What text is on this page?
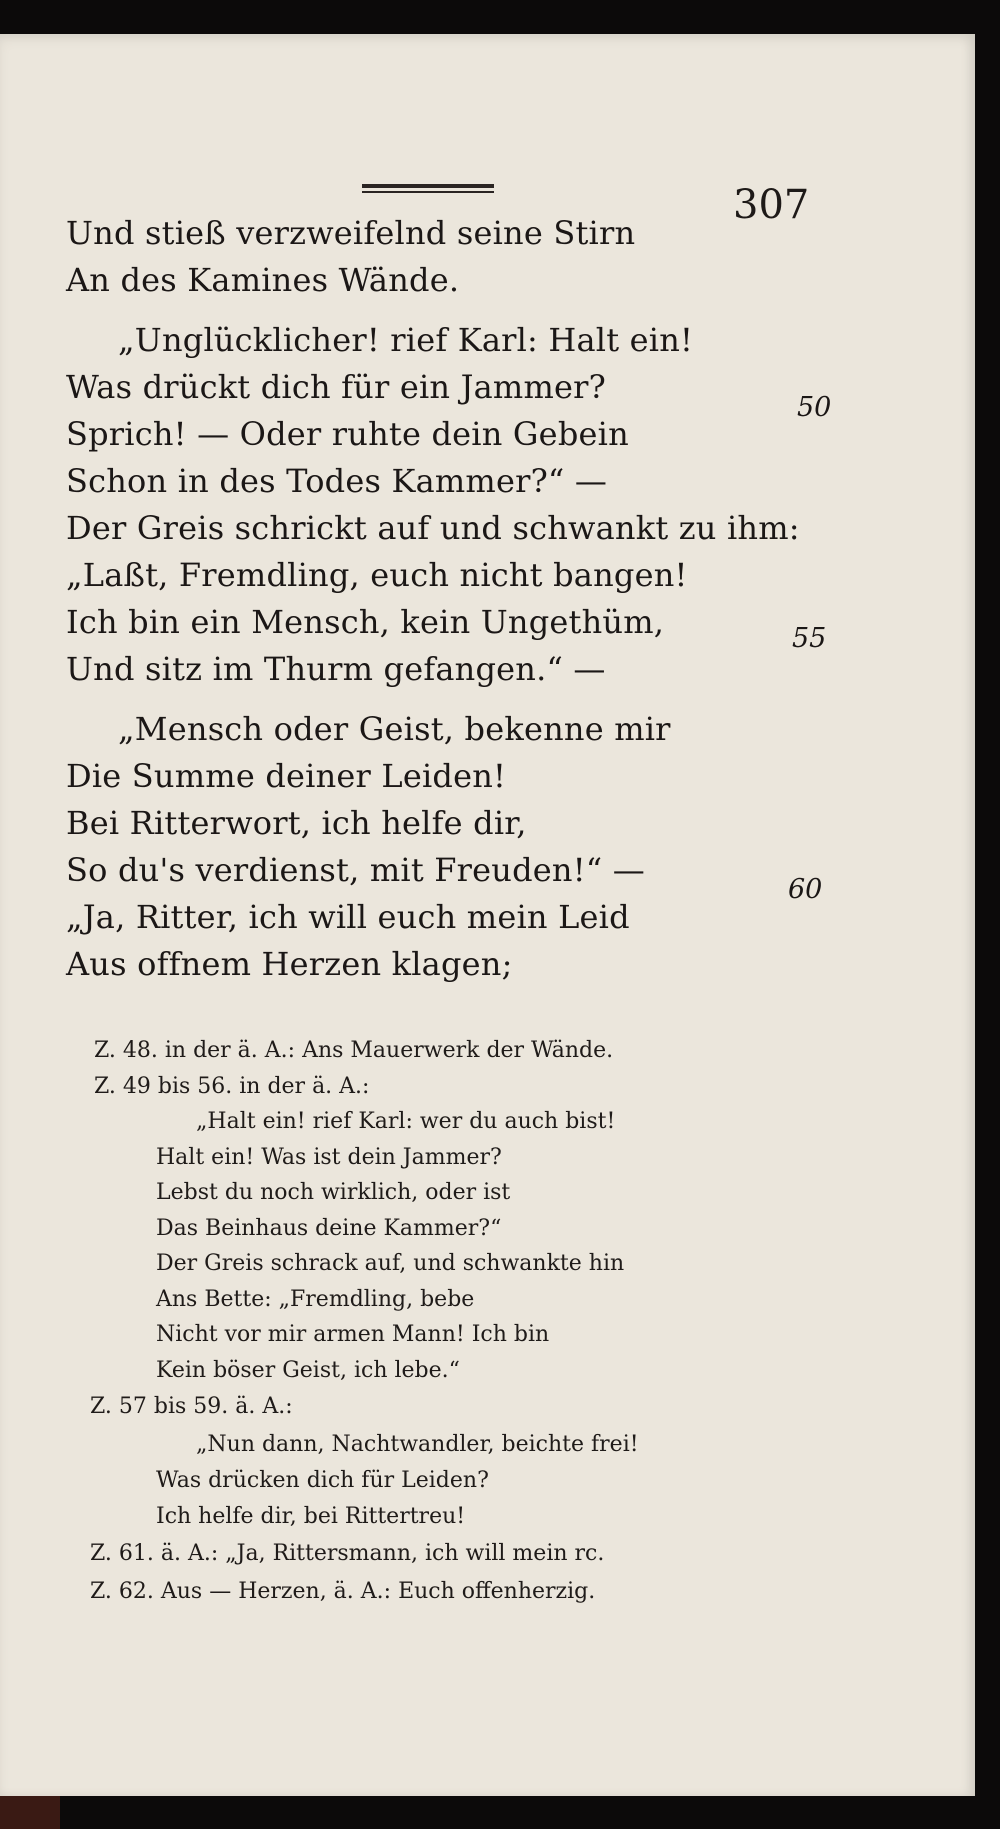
307
Und stieß verzweifelnd seine Stirn
An des Kamines Wände.
„Unglücklicher! rief Karl: Halt ein!
Was drückt dich für ein Jammer?
Sprich! — Oder ruhte dein Gebein
Schon in des Todes Kammer?“ —
Der Greis schrickt auf und schwankt zu ihm:
„Laßt, Fremdling, euch nicht bangen!
Ich bin ein Mensch, kein Ungethüm,
Und sitz im Thurm gefangen.“ —
„Mensch oder Geist, bekenne mir
Die Summe deiner Leiden!
Bei Ritterwort, ich helfe dir,
So du's verdienst, mit Freuden!“ —
„Ja, Ritter, ich will euch mein Leid
Aus offnem Herzen klagen;
50
55
60
Z. 48. in der ä. A.: Ans Mauerwerk der Wände.
Z. 49 bis 56. in der ä. A.:
„Halt ein! rief Karl: wer du auch bist!
Halt ein! Was ist dein Jammer?
Lebst du noch wirklich, oder ist
Das Beinhaus deine Kammer?“
Der Greis schrack auf, und schwankte hin
Ans Bette: „Fremdling, bebe
Nicht vor mir armen Mann! Ich bin
Kein böser Geist, ich lebe.“
Z. 57 bis 59. ä. A.:
„Nun dann, Nachtwandler, beichte frei!
Was drücken dich für Leiden?
Ich helfe dir, bei Rittertreu!
Z. 61. ä. A.: „Ja, Rittersmann, ich will mein rc.
Z. 62. Aus — Herzen, ä. A.: Euch offenherzig.
